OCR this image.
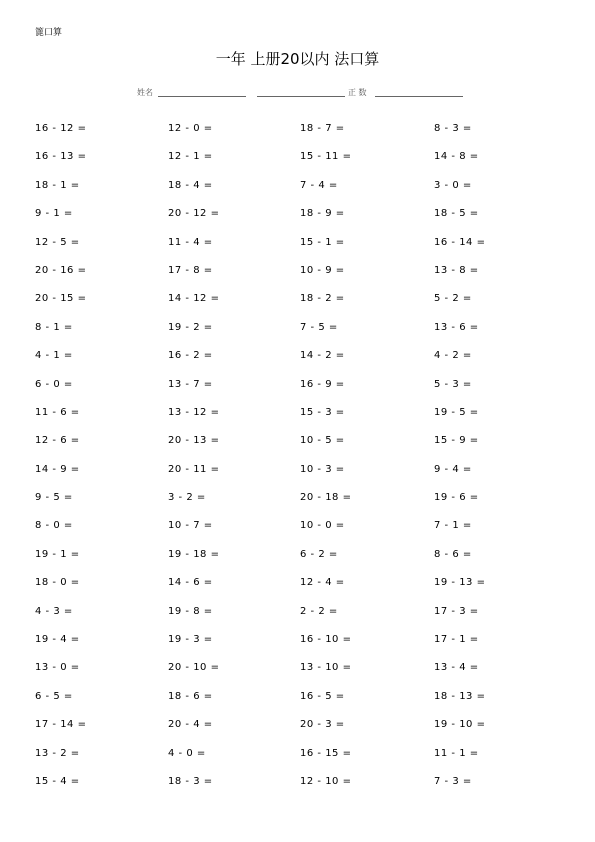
篦口算
一年 上册20以内 法口算
姓名	正 数
16 - 12 =	12 - 0 =	18 - 7 =	8 - 3 =
16 - 13 =	12 - 1 =	15 - 11 =	14 - 8 =
18 - 1 =	18 - 4 =	7 - 4 =	3 - 0 =
9 - 1 =	20 - 12 =	18 - 9 =	18 - 5 =
12 - 5 =	11 - 4 =	15 - 1 =	16 - 14 =
20 - 16 =	17 - 8 =	10 - 9 =	13 - 8 =
20 - 15 =	14 - 12 =	18 - 2 =	5 - 2 =
8 - 1 =	19 - 2 =	7 - 5 =	13 - 6 =
4 - 1 =	16 - 2 =	14 - 2 =	4 - 2 =
6 - 0 =	13 - 7 =	16 - 9 =	5 - 3 =
11 - 6 =	13 - 12 =	15 - 3 =	19 - 5 =
12 - 6 =	20 - 13 =	10 - 5 =	15 - 9 =
14 - 9 =	20 - 11 =	10 - 3 =	9 - 4 =
9 - 5 =	3 - 2 =	20 - 18 =	19 - 6 =
8 - 0 =	10 - 7 =	10 - 0 =	7 - 1 =
19 - 1 =	19 - 18 =	6 - 2 =	8 - 6 =
18 - 0 =	14 - 6 =	12 - 4 =	19 - 13 =
4 - 3 =	19 - 8 =	2 - 2 =	17 - 3 =
19 - 4 =	19 - 3 =	16 - 10 =	17 - 1 =
13 - 0 =	20 - 10 =	13 - 10 =	13 - 4 =
6 - 5 =	18 - 6 =	16 - 5 =	18 - 13 =
17 - 14 =	20 - 4 =	20 - 3 =	19 - 10 =
13 - 2 =	4 - 0 =	16 - 15 =	11 - 1 =
15 - 4 =	18 - 3 =	12 - 10 =	7 - 3 =
